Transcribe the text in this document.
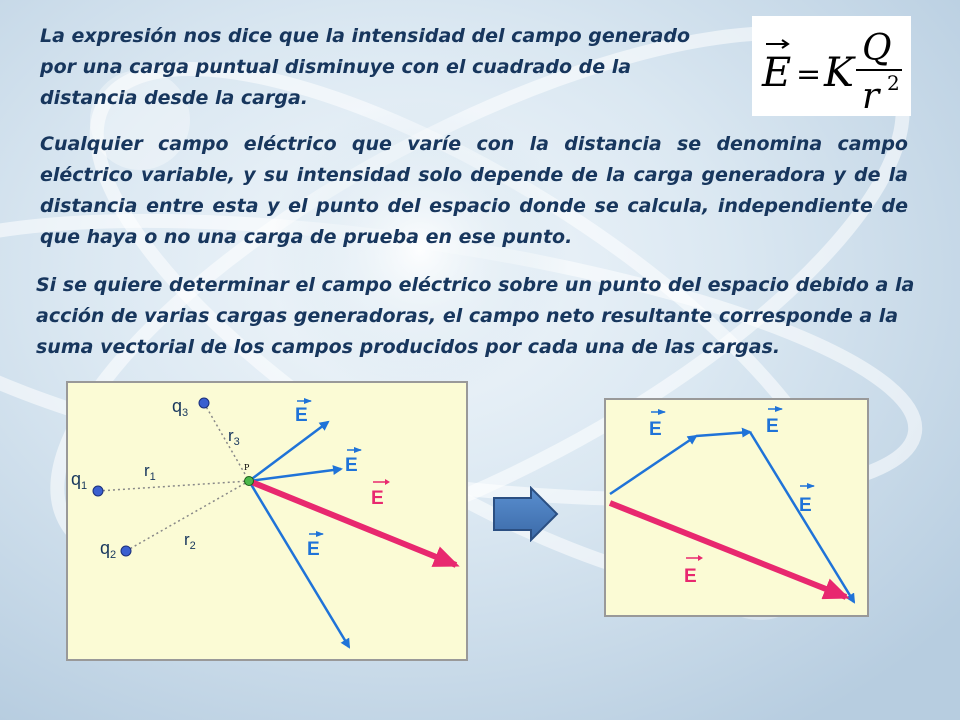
La expresión nos dice que la intensidad del campo generado por una carga puntual disminuye con el cuadrado de la distancia desde la carga.

E = K
Q
r 2

Cualquier campo eléctrico que varíe con la distancia se denomina campo eléctrico variable, y su intensidad solo depende de la carga generadora y de la distancia entre esta y el punto del espacio donde se calcula, independiente de que haya o no una carga de prueba en ese punto.

Si se quiere determinar el campo eléctrico sobre un punto del espacio debido a la acción de varias cargas generadoras, el campo neto resultante corresponde a la suma vectorial de los campos producidos por cada una de las cargas.

$q_3$
$q_1$
$q_2$
$r_1$
$r_2$
$r_3$
P
E
E
E
E
E	E
E
E
